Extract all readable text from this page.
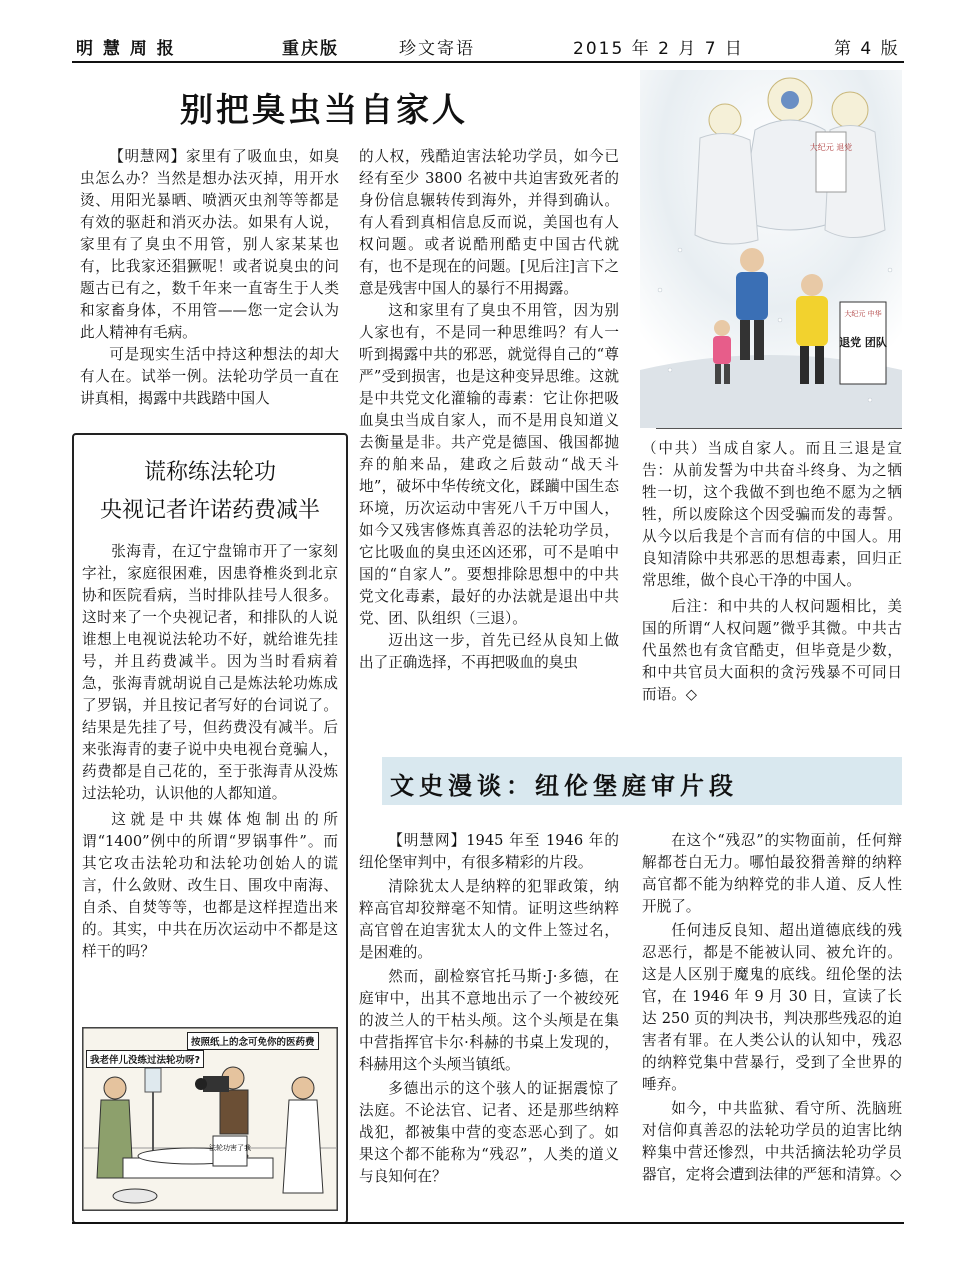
明 慧 周 报	重庆版	珍文寄语	2015 年 2 月 7 日	第 4 版
别把臭虫当自家人

【明慧网】家里有了吸血虫，如臭虫怎么办？当然是想办法灭掉，用开水烫、用阳光暴晒、喷洒灭虫剂等等都是有效的驱赶和消灭办法。如果有人说，家里有了臭虫不用管，别人家某某也有，比我家还猖獗呢！或者说臭虫的问题古已有之，数千年来一直寄生于人类和家畜身体，不用管——您一定会认为此人精神有毛病。

可是现实生活中持这种想法的却大有人在。试举一例。法轮功学员一直在讲真相，揭露中共践踏中国人

的人权，残酷迫害法轮功学员，如今已经有至少 3800 名被中共迫害致死者的身份信息辗转传到海外，并得到确认。有人看到真相信息反而说，美国也有人权问题。或者说酷刑酷吏中国古代就有，也不是现在的问题。[见后注]言下之意是残害中国人的暴行不用揭露。

这和家里有了臭虫不用管，因为别人家也有，不是同一种思维吗？有人一听到揭露中共的邪恶，就觉得自己的“尊严”受到损害，也是这种变异思维。这就是中共党文化灌输的毒素：它让你把吸血臭虫当成自家人，而不是用良知道义去衡量是非。共产党是德国、俄国都抛弃的舶来品，建政之后鼓动“战天斗地”，破坏中华传统文化，蹂躏中国生态环境，历次运动中害死八千万中国人，如今又残害修炼真善忍的法轮功学员，它比吸血的臭虫还凶还邪，可不是咱中国的“自家人”。要想排除思想中的中共党文化毒素，最好的办法就是退出中共党、团、队组织（三退）。

迈出这一步，首先已经从良知上做出了正确选择，不再把吸血的臭虫

大纪元 退党
大纪元 中华
退党 团队

（中共）当成自家人。而且三退是宣告：从前发誓为中共奋斗终身、为之牺牲一切，这个我做不到也绝不愿为之牺牲，所以废除这个因受骗而发的毒誓。从今以后我是个言而有信的中国人。用良知清除中共邪恶的思想毒素，回归正常思维，做个良心干净的中国人。

后注：和中共的人权问题相比，美国的所谓“人权问题”微乎其微。中共古代虽然也有贪官酷吏，但毕竟是少数，和中共官员大面积的贪污残暴不可同日而语。◇

谎称练法轮功
央视记者许诺药费减半

张海青，在辽宁盘锦市开了一家刻字社，家庭很困难，因患脊椎炎到北京协和医院看病，当时排队挂号人很多。这时来了一个央视记者，和排队的人说谁想上电视说法轮功不好，就给谁先挂号，并且药费减半。因为当时看病着急，张海青就胡说自己是炼法轮功炼成了罗锅，并且按记者写好的台词说了。结果是先挂了号，但药费没有减半。后来张海青的妻子说中央电视台竟骗人，药费都是自己花的，至于张海青从没炼过法轮功，认识他的人都知道。

这就是中共媒体炮制出的所谓“1400”例中的所谓“罗锅事件”。而其它攻击法轮功和法轮功创始人的谎言，什么敛财、改生日、围攻中南海、自杀、自焚等等，也都是这样捏造出来的。其实，中共在历次运动中不都是这样干的吗？

法轮功害了我
按照纸上的念可免你的医药费
我老伴儿没练过法轮功呀?
文史漫谈：纽伦堡庭审片段

【明慧网】1945 年至 1946 年的纽伦堡审判中，有很多精彩的片段。

清除犹太人是纳粹的犯罪政策，纳粹高官却狡辩毫不知情。证明这些纳粹高官曾在迫害犹太人的文件上签过名，是困难的。

然而，副检察官托马斯·J·多德，在庭审中，出其不意地出示了一个被绞死的波兰人的干枯头颅。这个头颅是在集中营指挥官卡尔·科赫的书桌上发现的，科赫用这个头颅当镇纸。

多德出示的这个骇人的证据震惊了法庭。不论法官、记者、还是那些纳粹战犯，都被集中营的变态恶心到了。如果这个都不能称为“残忍”，人类的道义与良知何在？

在这个“残忍”的实物面前，任何辩解都苍白无力。哪怕最狡猾善辩的纳粹高官都不能为纳粹党的非人道、反人性开脱了。

任何违反良知、超出道德底线的残忍恶行，都是不能被认同、被允许的。这是人区别于魔鬼的底线。纽伦堡的法官，在 1946 年 9 月 30 日，宣读了长达 250 页的判决书，判决那些残忍的迫害者有罪。在人类公认的认知中，残忍的纳粹党集中营暴行，受到了全世界的唾弃。

如今，中共监狱、看守所、洗脑班对信仰真善忍的法轮功学员的迫害比纳粹集中营还惨烈，中共活摘法轮功学员器官，定将会遭到法律的严惩和清算。◇
